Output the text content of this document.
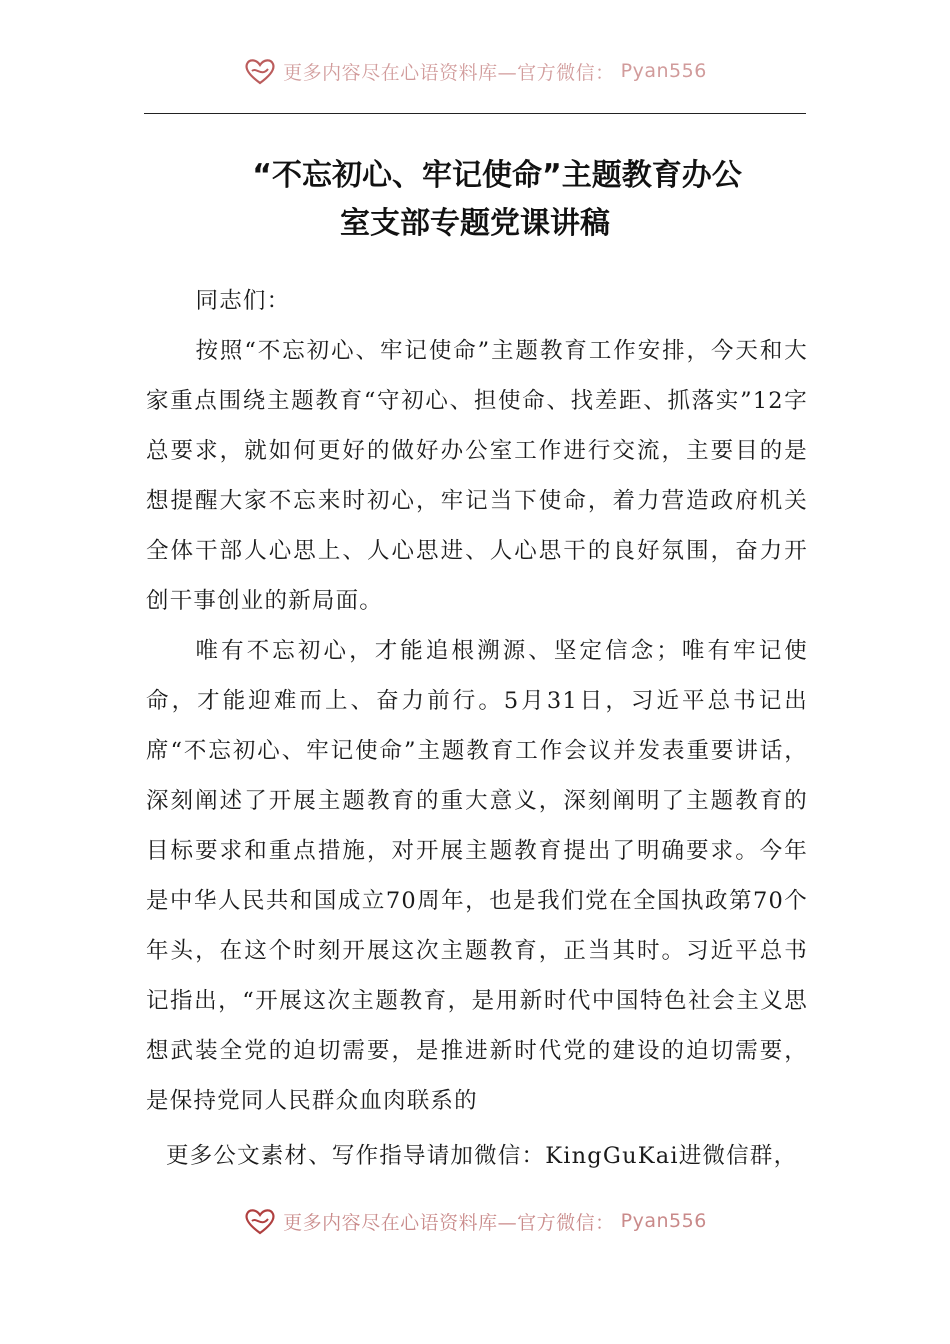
更多内容尽在心语资料库—官方微信： Pyan556
“不忘初心、牢记使命”主题教育办公
室支部专题党课讲稿

同志们：

按照“不忘初心、牢记使命”主题教育工作安排，今天和大家重点围绕主题教育“守初心、担使命、找差距、抓落实”12字总要求，就如何更好的做好办公室工作进行交流，主要目的是想提醒大家不忘来时初心，牢记当下使命，着力营造政府机关全体干部人心思上、人心思进、人心思干的良好氛围，奋力开创干事创业的新局面。

唯有不忘初心，才能追根溯源、坚定信念；唯有牢记使命，才能迎难而上、奋力前行。5月31日，习近平总书记出席“不忘初心、牢记使命”主题教育工作会议并发表重要讲话，深刻阐述了开展主题教育的重大意义，深刻阐明了主题教育的目标要求和重点措施，对开展主题教育提出了明确要求。今年是中华人民共和国成立70周年，也是我们党在全国执政第70个年头，在这个时刻开展这次主题教育，正当其时。习近平总书记指出，“开展这次主题教育，是用新时代中国特色社会主义思想武装全党的迫切需要，是推进新时代党的建设的迫切需要，是保持党同人民群众血肉联系的

更多公文素材、写作指导请加微信：KingGuKai进微信群，
更多内容尽在心语资料库—官方微信： Pyan556
